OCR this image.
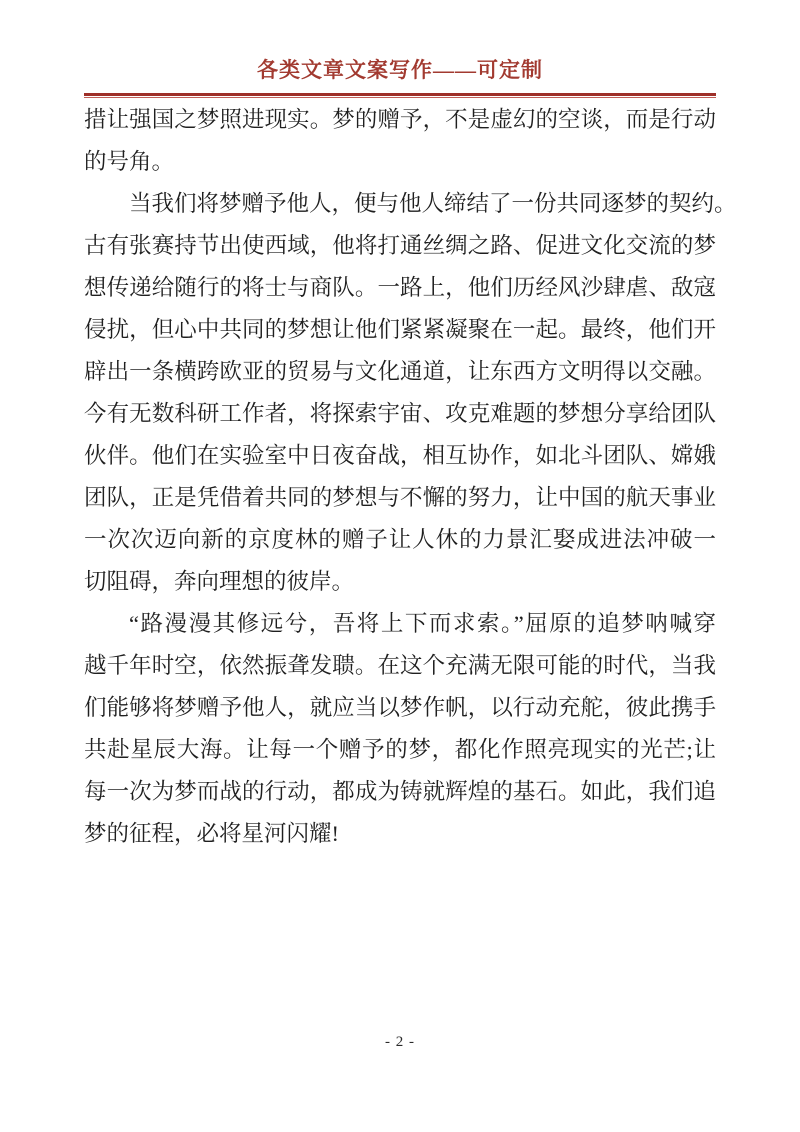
各类文章文案写作——可定制
措让强国之梦照进现实。梦的赠予，不是虚幻的空谈，而是行动
的号角。
当我们将梦赠予他人，便与他人缔结了一份共同逐梦的契约。
古有张赛持节出使西域，他将打通丝绸之路、促进文化交流的梦
想传递给随行的将士与商队。一路上，他们历经风沙肆虐、敌寇
侵扰，但心中共同的梦想让他们紧紧凝聚在一起。最终，他们开
辟出一条横跨欧亚的贸易与文化通道，让东西方文明得以交融。
今有无数科研工作者，将探索宇宙、攻克难题的梦想分享给团队
伙伴。他们在实验室中日夜奋战，相互协作，如北斗团队、嫦娥
团队，正是凭借着共同的梦想与不懈的努力，让中国的航天事业
一次次迈向新的京度林的赠子让人休的力景汇娶成进法冲破一
切阻碍，奔向理想的彼岸。
“路漫漫其修远兮，吾将上下而求索。”屈原的追梦呐喊穿
越千年时空，依然振聋发聩。在这个充满无限可能的时代，当我
们能够将梦赠予他人，就应当以梦作帆，以行动充舵，彼此携手
共赴星辰大海。让每一个赠予的梦，都化作照亮现实的光芒;让
每一次为梦而战的行动，都成为铸就辉煌的基石。如此，我们追
梦的征程，必将星河闪耀!
- 2 -
